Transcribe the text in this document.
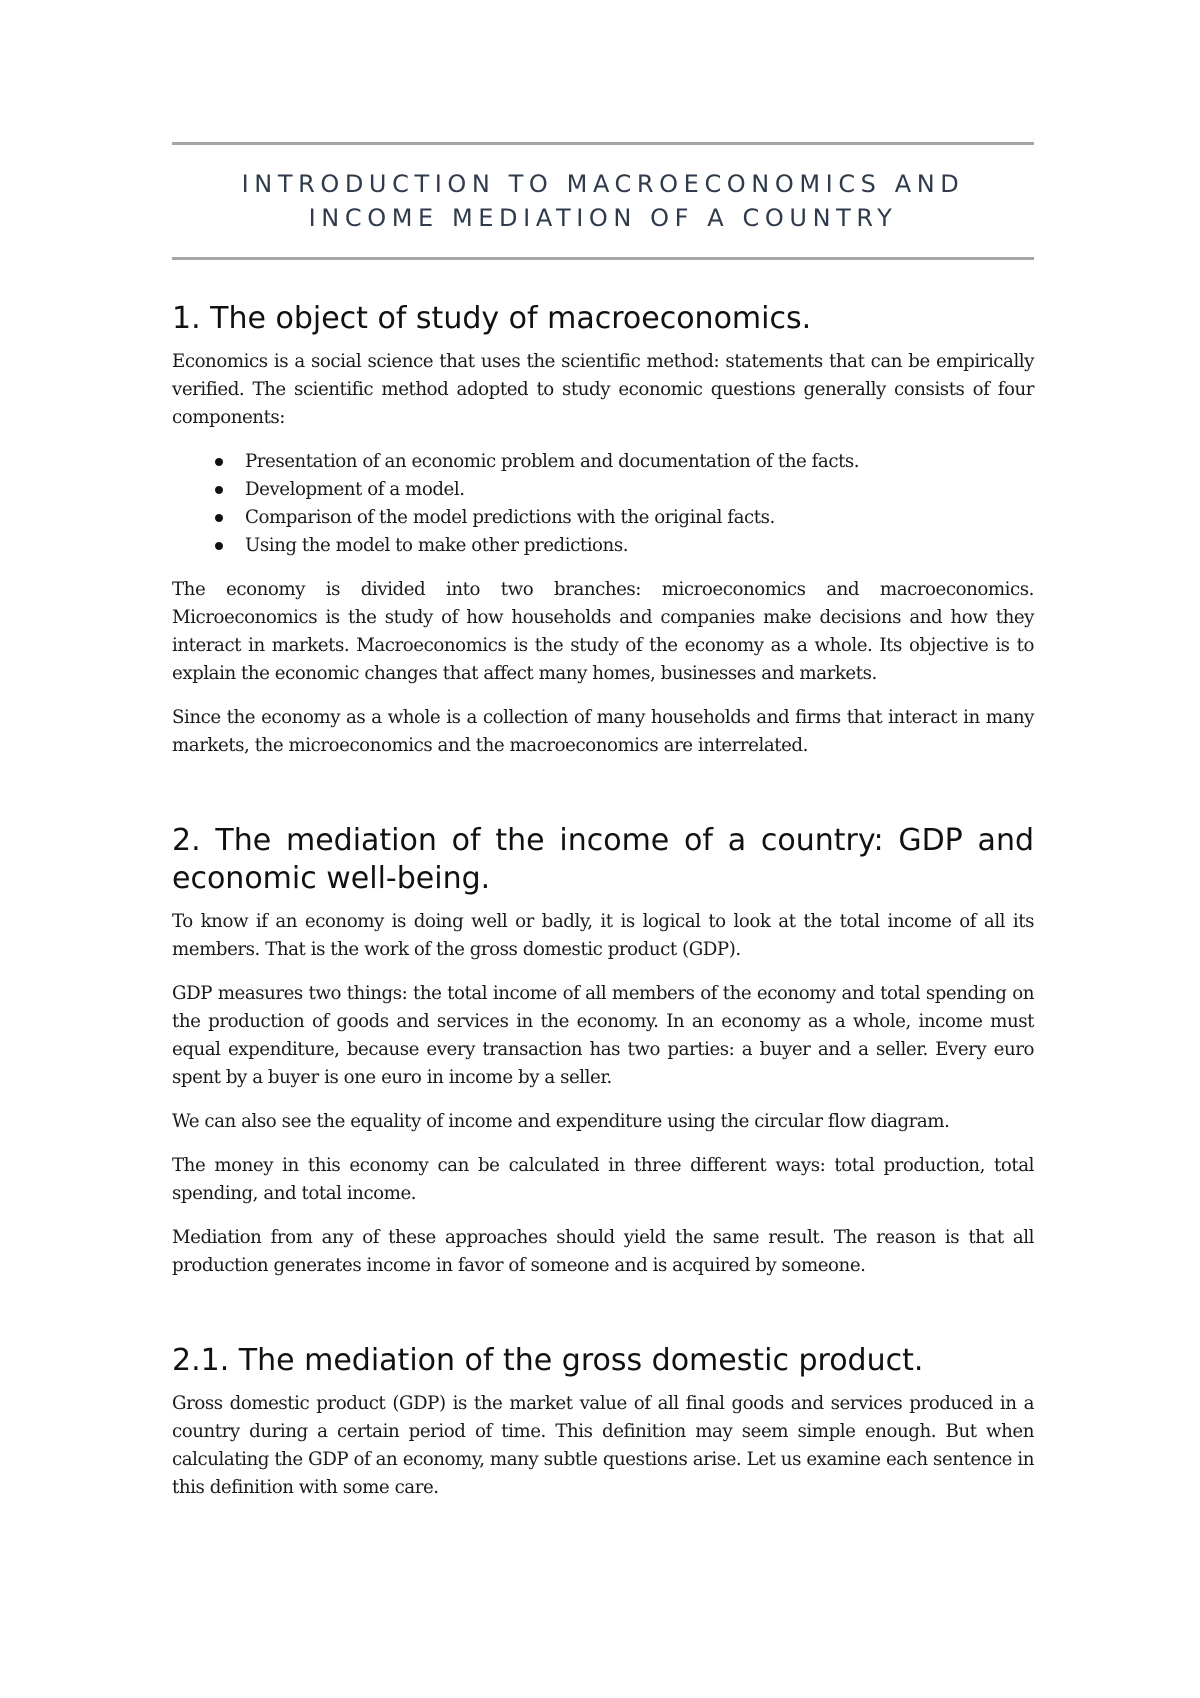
INTRODUCTION TO MACROECONOMICS AND
INCOME MEDIATION OF A COUNTRY
1. The object of study of macroeconomics.

Economics is a social science that uses the scientific method: statements that can be empirically verified. The scientific method adopted to study economic questions generally consists of four components:

Presentation of an economic problem and documentation of the facts.
Development of a model.
Comparison of the model predictions with the original facts.
Using the model to make other predictions.

The economy is divided into two branches: microeconomics and macroeconomics. Microeconomics is the study of how households and companies make decisions and how they interact in markets. Macroeconomics is the study of the economy as a whole. Its objective is to explain the economic changes that affect many homes, businesses and markets.

Since the economy as a whole is a collection of many households and firms that interact in many markets, the microeconomics and the macroeconomics are interrelated.

2. The mediation of the income of a country: GDP and economic well-being.

To know if an economy is doing well or badly, it is logical to look at the total income of all its members. That is the work of the gross domestic product (GDP).

GDP measures two things: the total income of all members of the economy and total spending on the production of goods and services in the economy. In an economy as a whole, income must equal expenditure, because every transaction has two parties: a buyer and a seller. Every euro spent by a buyer is one euro in income by a seller.

We can also see the equality of income and expenditure using the circular flow diagram.

The money in this economy can be calculated in three different ways: total production, total spending, and total income.

Mediation from any of these approaches should yield the same result. The reason is that all production generates income in favor of someone and is acquired by someone.

2.1. The mediation of the gross domestic product.

Gross domestic product (GDP) is the market value of all final goods and services produced in a country during a certain period of time. This definition may seem simple enough. But when calculating the GDP of an economy, many subtle questions arise. Let us examine each sentence in this definition with some care.
